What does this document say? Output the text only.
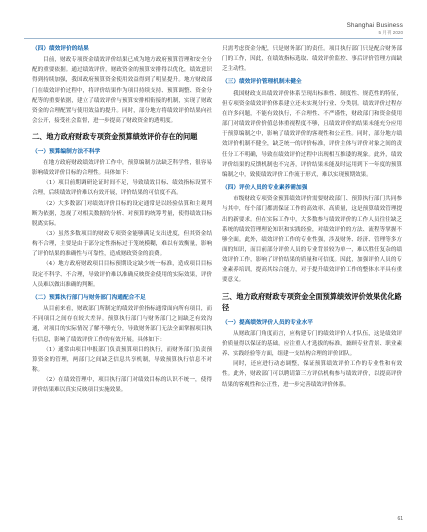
Shanghai Business
5 月刊 2020
（四）绩效评价的结果

目前，财政专项资金绩效评价结果已成为地方政府预算管理和安全分配的重要依据。通过绩效评价，财政资金的预算安排得以优化，绩效意识得到持续加强，我国政府预算资金使用效益得到了明显提升。地方财政部门在绩效评价过程中，将评价结果作为项目持续支持、预算调整、资金分配等的重要依据，建立了绩效评价与预算安排相衔接的机制，实现了财政资金的合理配置与使用效益的提升。同时，部分地方将绩效评价结果向社会公开，接受社会监督，进一步提高了财政资金的透明度。

二、地方政府财政专项资金预算绩效评价存在的问题
（一）预算编制方法不科学

在地方政府财政绩效评价工作中，预算编制方法缺乏科学性，很容易影响绩效评价目标的合理性。具体如下：

（1）项目前期调研论证时间不足，导致绩效目标、绩效指标设置不合理，后续绩效评价难以有效开展，评价结果的可信度不高。

（2）大多数部门对绩效评价目标的设定通常是以经验估算和主观判断为依据，忽视了对相关数据的分析、对预算的统筹考量，使得绩效目标脱离实际。

（3）虽然多数项目的财政专项资金能够满足支出进度，但其资金结构不合理，主要是由于部分定性指标过于笼统模糊，难以有效衡量，影响了评价结果的准确性与可靠性，造成财政资金的浪费。

（4）地方政府财政项目目标预期设定缺少统一标准，造成项目目标设定不科学、不合理，导致评价难以准确反映资金使用的实际效果，评价人员难以做出准确的判断。

（二）预算执行部门与财务部门沟通配合不足

从目前来看，财政部门所制定的绩效评价指标通常面向所有项目，而不同项目之间存在较大差异。预算执行部门与财务部门之间缺乏有效沟通，对项目的实际情况了解不够充分，导致财务部门无法全面掌握项目执行信息，影响了绩效评价工作的有效开展。具体如下：

（1）通常由项目申报部门负责预算项目的执行，而财务部门负责预算资金的管理，两部门之间缺乏信息共享机制，导致预算执行信息不对称。

（2）在绩效管理中，项目执行部门对绩效目标的认识不统一，使得评价结果难以真实反映项目实施效果。

只需考虑资金分配，只是财务部门的责任。项目执行部门只是配合财务部门的工作，因此，在绩效指标选取、绩效评价监控、事后评价管理方面缺乏主动性。

（三）绩效评价管理机制未健全

我国财政支出绩效评价体系呈现出标准性、制度性、规范性的特征，但专项资金绩效评价体系建立还未实现分行业、分类别。绩效评价过程存在许多问题，不能有效执行，不合理性、不严谨性，财政部门和资金使用部门对绩效评价价值总体重视程度不够，且绩效评价的结果未能充分应用于预算编制之中，影响了绩效评价的客观性和公正性。同时，部分地方绩效评价机制不健全，缺乏统一的评价标准，评价主体与评价对象之间的责任分工不明确，导致在绩效评价过程中出现相互推诿的现象。此外，绩效评价结果的反馈机制也不完善，评价结果未能及时运用到下一年度的预算编制之中，致使绩效评价工作流于形式，难以实现预期效果。

（四）评价人员的专业素养需加强

市级财政专项资金预算绩效评价需要财政部门、预算执行部门共同参与其中，每个部门都需保证工作的高效率、高质量，这是预算绩效管理提出的新要求。但在实际工作中，大多数参与绩效评价的工作人员往往缺乏系统的绩效管理理论知识和实践经验，对绩效评价的方法、流程等掌握不够全面。此外，绩效评价工作的专业性强，涉及财务、经济、管理等多方面的知识，而目前部分评价人员的专业背景较为单一，难以胜任复杂的绩效评价工作，影响了评价结果的质量和可信度。因此，加强评价人员的专业素养培训，提高其综合能力，对于提升绩效评价工作的整体水平具有重要意义。

三、地方政府财政专项资金全面预算绩效评价效果优化路径
（一）提高绩效评价人员的专业水平

从财政部门角度而言，应构建专门的绩效评价人才队伍，这是绩效评价质量得以保证的基础。应注重人才选拔的标准，兼顾专业背景、职业素养、实践经验等方面，组建一支结构合理的评价团队。

同时，还应进行动态调整，保证预算绩效评价工作的专业性和有效性。此外，财政部门可以聘请第三方评估机构参与绩效评价，以提高评价结果的客观性和公正性，进一步完善绩效评价体系。

61
